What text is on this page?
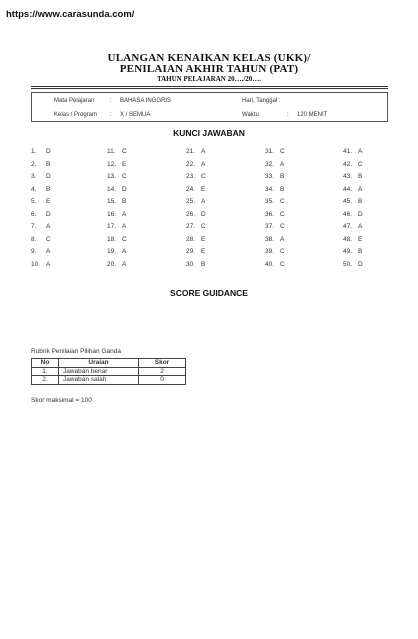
https://www.carasunda.com/
ULANGAN KENAIKAN KELAS (UKK)/
PENILAIAN AKHIR TAHUN (PAT)
TAHUN PELAJARAN 20…./20….
Mata Pelajaran	: BAHASA INGGRIS	Hari, Tanggal :
Kelas / Program : X / SEMUA	Waktu	: 120 MENIT
KUNCI JAWABAN
1. D
2. B
3. D
4. B
5. E
6. D
7. A
8. C
9. A
10. A
11. C
12. E
13. C
14. D
15. B
16. A
17. A
18. C
19. A
20. A
21. A
22. A
23. C
24. E
25. A
26. D
27. C
28. E
29. E
30. B
31. C
32. A
33. B
34. B
35. C
36. C
37. C
38. A
39. C
40. C
41. A
42. C
43. B
44. A
45. B
46. D
47. A
48. E
49. B
50. D
SCORE GUIDANCE
Rubrik Penilaian Pilihan Ganda
No	Uraian	Skor
1.	Jawaban benar	2
2.	Jawaban salah	0
Skor maksimal = 100
